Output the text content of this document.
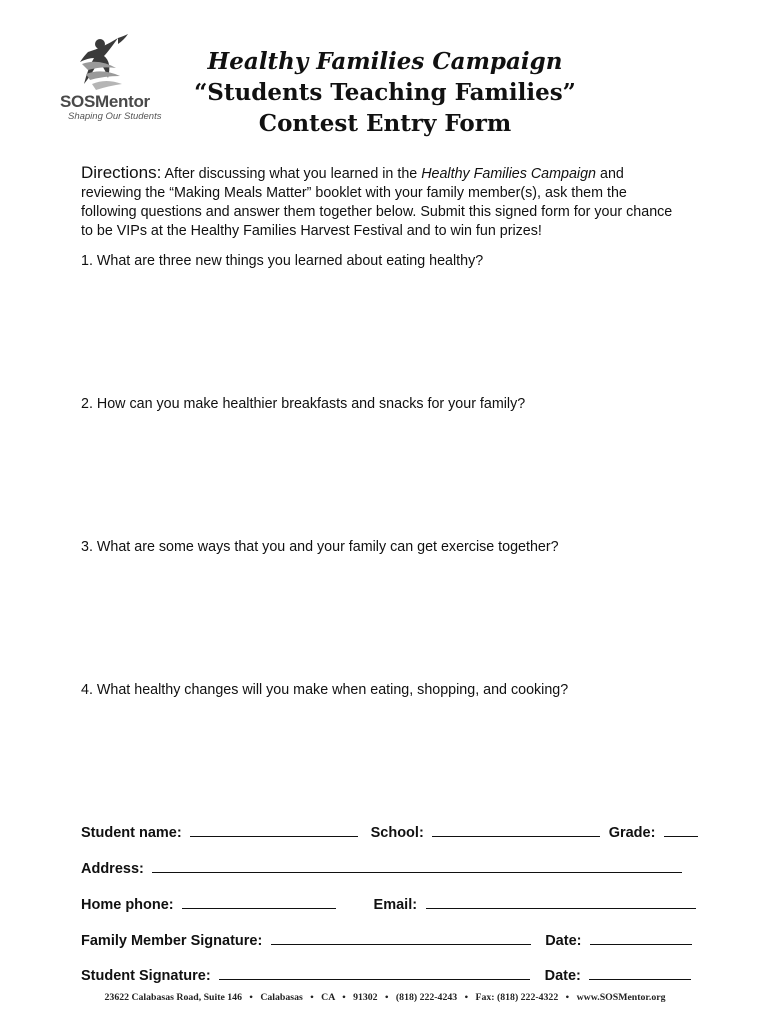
SOSMentor
Shaping Our Students
Healthy Families Campaign
“Students Teaching Families”
Contest Entry Form
Directions: After discussing what you learned in the Healthy Families Campaign and reviewing the “Making Meals Matter” booklet with your family member(s), ask them the following questions and answer them together below. Submit this signed form for your chance to be VIPs at the Healthy Families Harvest Festival and to win fun prizes!
1. What are three new things you learned about eating healthy?
2. How can you make healthier breakfasts and snacks for your family?
3. What are some ways that you and your family can get exercise together?
4. What healthy changes will you make when eating, shopping, and cooking?
Student name:	School:	Grade:
Address:
Home phone:	Email:
Family Member Signature:	Date:
Student Signature:	Date:
23622 Calabasas Road, Suite 146 • Calabasas • CA • 91302 • (818) 222-4243 • Fax: (818) 222-4322 • www.SOSMentor.org
